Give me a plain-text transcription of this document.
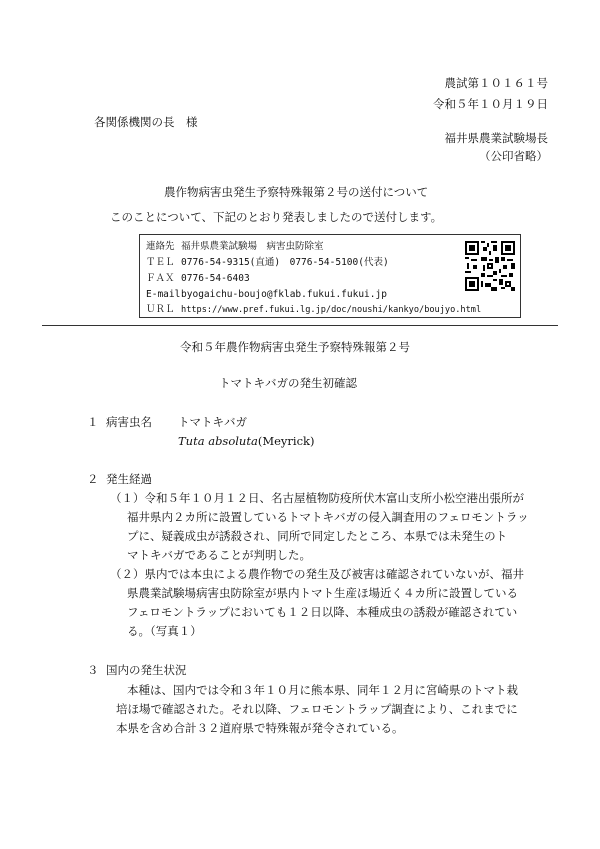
農試第１０１６１号
令和５年１０月１９日
各関係機関の長　様
福井県農業試験場長
（公印省略）
農作物病害虫発生予察特殊報第２号の送付について
このことについて、下記のとおり発表しましたので送付します。
連絡先 福井県農業試験場　病害虫防除室
ＴＥＬ 0776-54-9315(直通)　0776-54-5100(代表)
ＦＡＸ 0776-54-6403
E-mail byogaichu-boujo@fklab.fukui.fukui.jp
ＵＲＬ https://www.pref.fukui.lg.jp/doc/noushi/kankyo/boujyo.html
令和５年農作物病害虫発生予察特殊報第２号
トマトキバガの発生初確認
１ 病害虫名 トマトキバガ
Tuta absoluta(Meyrick)
２ 発生経過
（１）令和５年１０月１２日、名古屋植物防疫所伏木富山支所小松空港出張所が
福井県内２カ所に設置しているトマトキバガの侵入調査用のフェロモントラッ
プに、疑義成虫が誘殺され、同所で同定したところ、本県では未発生のト
マトキバガであることが判明した。
（２）県内では本虫による農作物での発生及び被害は確認されていないが、福井
県農業試験場病害虫防除室が県内トマト生産ほ場近く４カ所に設置している
フェロモントラップにおいても１２日以降、本種成虫の誘殺が確認されてい
る。（写真１）
３ 国内の発生状況
本種は、国内では令和３年１０月に熊本県、同年１２月に宮崎県のトマト栽
培ほ場で確認された。それ以降、フェロモントラップ調査により、これまでに
本県を含め合計３２道府県で特殊報が発令されている。
